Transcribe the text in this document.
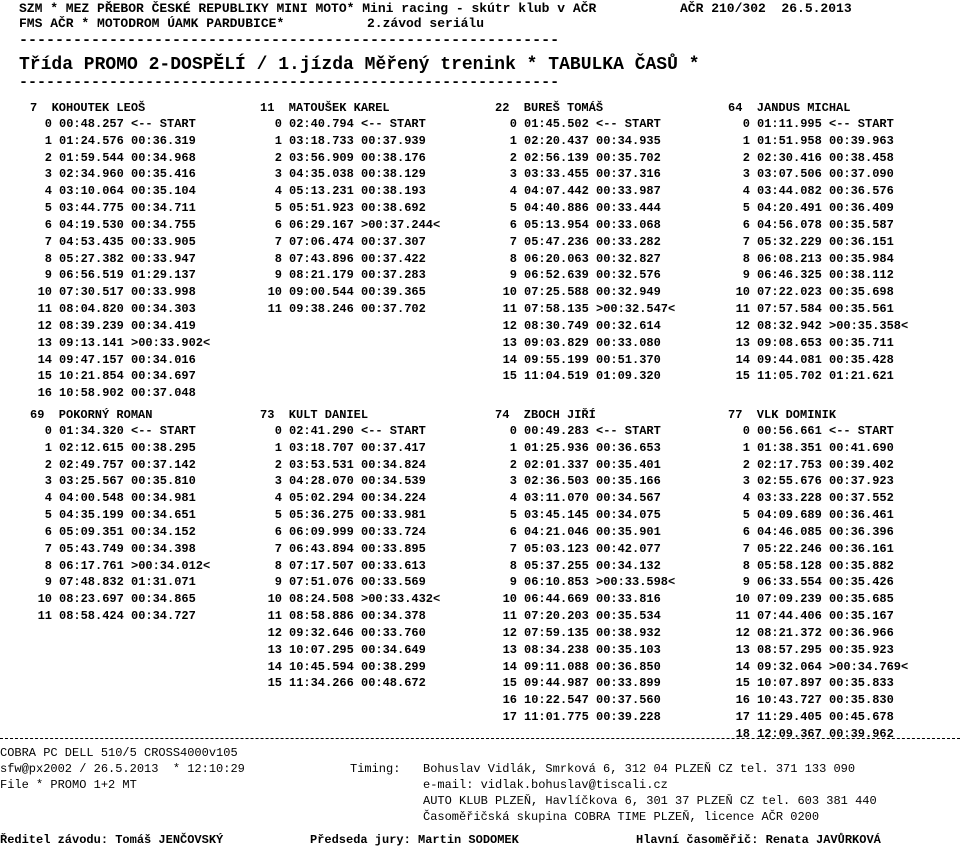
SZM * MEZ PŘEBOR ČESKÉ REPUBLIKY MINI MOTO* Mini racing - skútr klub v AČR	AČR 210/302  26.5.2013
FMS AČR * MOTODROM ÚAMK PARDUBICE*	2.závod seriálu
------------------------------------------------------------
Třída PROMO 2-DOSPĚLÍ / 1.jízda Měřený trenink * TABULKA ČASŮ *
------------------------------------------------------------
7  KOHOUTEK LEOŠ
0 00:48.257 <-- START
1 01:24.576 00:36.319
2 01:59.544 00:34.968
3 02:34.960 00:35.416
4 03:10.064 00:35.104
5 03:44.775 00:34.711
6 04:19.530 00:34.755
7 04:53.435 00:33.905
8 05:27.382 00:33.947
9 06:56.519 01:29.137
10 07:30.517 00:33.998
11 08:04.820 00:34.303
12 08:39.239 00:34.419
13 09:13.141 >00:33.902<
14 09:47.157 00:34.016
15 10:21.854 00:34.697
16 10:58.902 00:37.048
11  MATOUŠEK KAREL
0 02:40.794 <-- START
1 03:18.733 00:37.939
2 03:56.909 00:38.176
3 04:35.038 00:38.129
4 05:13.231 00:38.193
5 05:51.923 00:38.692
6 06:29.167 >00:37.244<
7 07:06.474 00:37.307
8 07:43.896 00:37.422
9 08:21.179 00:37.283
10 09:00.544 00:39.365
11 09:38.246 00:37.702
22  BUREŠ TOMÁŠ
0 01:45.502 <-- START
1 02:20.437 00:34.935
2 02:56.139 00:35.702
3 03:33.455 00:37.316
4 04:07.442 00:33.987
5 04:40.886 00:33.444
6 05:13.954 00:33.068
7 05:47.236 00:33.282
8 06:20.063 00:32.827
9 06:52.639 00:32.576
10 07:25.588 00:32.949
11 07:58.135 >00:32.547<
12 08:30.749 00:32.614
13 09:03.829 00:33.080
14 09:55.199 00:51.370
15 11:04.519 01:09.320
64  JANDUS MICHAL
0 01:11.995 <-- START
1 01:51.958 00:39.963
2 02:30.416 00:38.458
3 03:07.506 00:37.090
4 03:44.082 00:36.576
5 04:20.491 00:36.409
6 04:56.078 00:35.587
7 05:32.229 00:36.151
8 06:08.213 00:35.984
9 06:46.325 00:38.112
10 07:22.023 00:35.698
11 07:57.584 00:35.561
12 08:32.942 >00:35.358<
13 09:08.653 00:35.711
14 09:44.081 00:35.428
15 11:05.702 01:21.621
69  POKORNÝ ROMAN
0 01:34.320 <-- START
1 02:12.615 00:38.295
2 02:49.757 00:37.142
3 03:25.567 00:35.810
4 04:00.548 00:34.981
5 04:35.199 00:34.651
6 05:09.351 00:34.152
7 05:43.749 00:34.398
8 06:17.761 >00:34.012<
9 07:48.832 01:31.071
10 08:23.697 00:34.865
11 08:58.424 00:34.727
73  KULT DANIEL
0 02:41.290 <-- START
1 03:18.707 00:37.417
2 03:53.531 00:34.824
3 04:28.070 00:34.539
4 05:02.294 00:34.224
5 05:36.275 00:33.981
6 06:09.999 00:33.724
7 06:43.894 00:33.895
8 07:17.507 00:33.613
9 07:51.076 00:33.569
10 08:24.508 >00:33.432<
11 08:58.886 00:34.378
12 09:32.646 00:33.760
13 10:07.295 00:34.649
14 10:45.594 00:38.299
15 11:34.266 00:48.672
74  ZBOCH JIŘÍ
0 00:49.283 <-- START
1 01:25.936 00:36.653
2 02:01.337 00:35.401
3 02:36.503 00:35.166
4 03:11.070 00:34.567
5 03:45.145 00:34.075
6 04:21.046 00:35.901
7 05:03.123 00:42.077
8 05:37.255 00:34.132
9 06:10.853 >00:33.598<
10 06:44.669 00:33.816
11 07:20.203 00:35.534
12 07:59.135 00:38.932
13 08:34.238 00:35.103
14 09:11.088 00:36.850
15 09:44.987 00:33.899
16 10:22.547 00:37.560
17 11:01.775 00:39.228
77  VLK DOMINIK
0 00:56.661 <-- START
1 01:38.351 00:41.690
2 02:17.753 00:39.402
3 02:55.676 00:37.923
4 03:33.228 00:37.552
5 04:09.689 00:36.461
6 04:46.085 00:36.396
7 05:22.246 00:36.161
8 05:58.128 00:35.882
9 06:33.554 00:35.426
10 07:09.239 00:35.685
11 07:44.406 00:35.167
12 08:21.372 00:36.966
13 08:57.295 00:35.923
14 09:32.064 >00:34.769<
15 10:07.897 00:35.833
16 10:43.727 00:35.830
17 11:29.405 00:45.678
18 12:09.367 00:39.962
COBRA PC DELL 510/5 CROSS4000v105
sfw@px2002 / 26.5.2013  * 12:10:29
File * PROMO 1+2 MT
Timing: Bohuslav Vidlák, Smrková 6, 312 04 PLZEŇ CZ tel. 371 133 090
e-mail: vidlak.bohuslav@tiscali.cz
AUTO KLUB PLZEŇ, Havlíčkova 6, 301 37 PLZEŇ CZ tel. 603 381 440
Časoměřičská skupina COBRA TIME PLZEŇ, licence AČR 0200
Ředitel závodu: Tomáš JENČOVSKÝ	Předseda jury: Martin SODOMEK	Hlavní časoměřič: Renata JAVŮRKOVÁ
